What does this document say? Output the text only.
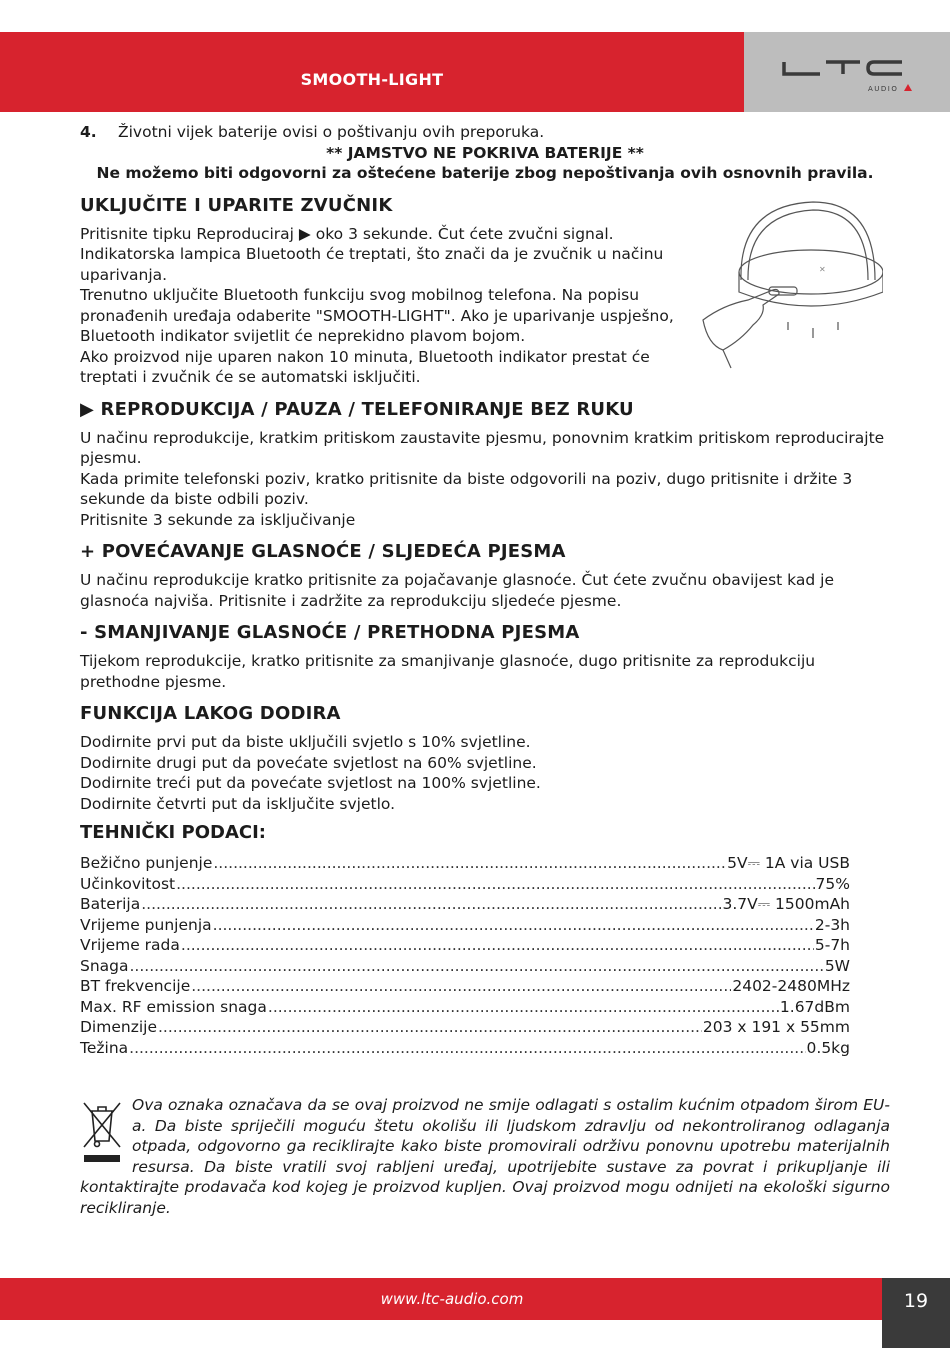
SMOOTH-LIGHT	AUDIO
4.	Životni vijek baterije ovisi o poštivanju ovih preporuka.

** JAMSTVO NE POKRIVA BATERIJE **

Ne možemo biti odgovorni za oštećene baterije zbog nepoštivanja ovih osnovnih pravila.

UKLJUČITE I UPARITE ZVUČNIK

Pritisnite tipku Reproduciraj ▶ oko 3 sekunde. Čut ćete zvučni signal. Indikatorska lampica Bluetooth će treptati, što znači da je zvučnik u načinu uparivanja.

Trenutno uključite Bluetooth funkciju svog mobilnog telefona. Na popisu pronađenih uređaja odaberite "SMOOTH-LIGHT". Ako je uparivanje uspješno, Bluetooth indikator svijetlit će neprekidno plavom bojom.

Ako proizvod nije uparen nakon 10 minuta, Bluetooth indikator prestat će treptati i zvučnik će se automatski isključiti.

▶ REPRODUKCIJA / PAUZA / TELEFONIRANJE BEZ RUKU

U načinu reprodukcije, kratkim pritiskom zaustavite pjesmu, ponovnim kratkim pritiskom reproducirajte pjesmu.

Kada primite telefonski poziv, kratko pritisnite da biste odgovorili na poziv, dugo pritisnite i držite 3 sekunde da biste odbili poziv.

Pritisnite 3 sekunde za isključivanje

+ POVEĆAVANJE GLASNOĆE / SLJEDEĆA PJESMA

U načinu reprodukcije kratko pritisnite za pojačavanje glasnoće. Čut ćete zvučnu obavijest kad je glasnoća najviša. Pritisnite i zadržite za reprodukciju sljedeće pjesme.

- SMANJIVANJE GLASNOĆE / PRETHODNA PJESMA

Tijekom reprodukcije, kratko pritisnite za smanjivanje glasnoće, dugo pritisnite za reprodukciju prethodne pjesme.

FUNKCIJA LAKOG DODIRA

Dodirnite prvi put da biste uključili svjetlo s 10% svjetline.

Dodirnite drugi put da povećate svjetlost na 60% svjetline.

Dodirnite treći put da povećate svjetlost na 100% svjetline.

Dodirnite četvrti put da isključite svjetlo.

✕
TEHNIČKI PODACI:
Bežično punjenje .....	5V⎓ 1A via USB
Učinkovitost .....	75%
Baterija .....	3.7V⎓ 1500mAh
Vrijeme punjenja .....	2-3h
Vrijeme rada .....	5-7h
Snaga .....	5W
BT frekvencije .....	2402-2480MHz
Max. RF emission snaga .....	1.67dBm
Dimenzije .....	203 x 191 x 55mm
Težina .....	0.5kg
Ova oznaka označava da se ovaj proizvod ne smije odlagati s ostalim kućnim otpadom širom EU-a. Da biste spriječili moguću štetu okolišu ili ljudskom zdravlju od nekontroliranog odlaganja otpada, odgovorno ga reciklirajte kako biste promovirali održivu ponovnu upotrebu materijalnih resursa. Da biste vratili svoj rabljeni uređaj, upotrijebite sustave za povrat i prikupljanje ili kontaktirajte prodavača kod kojeg je proizvod kupljen. Ovaj proizvod mogu odnijeti na ekološki sigurno recikliranje.
www.ltc-audio.com	19
